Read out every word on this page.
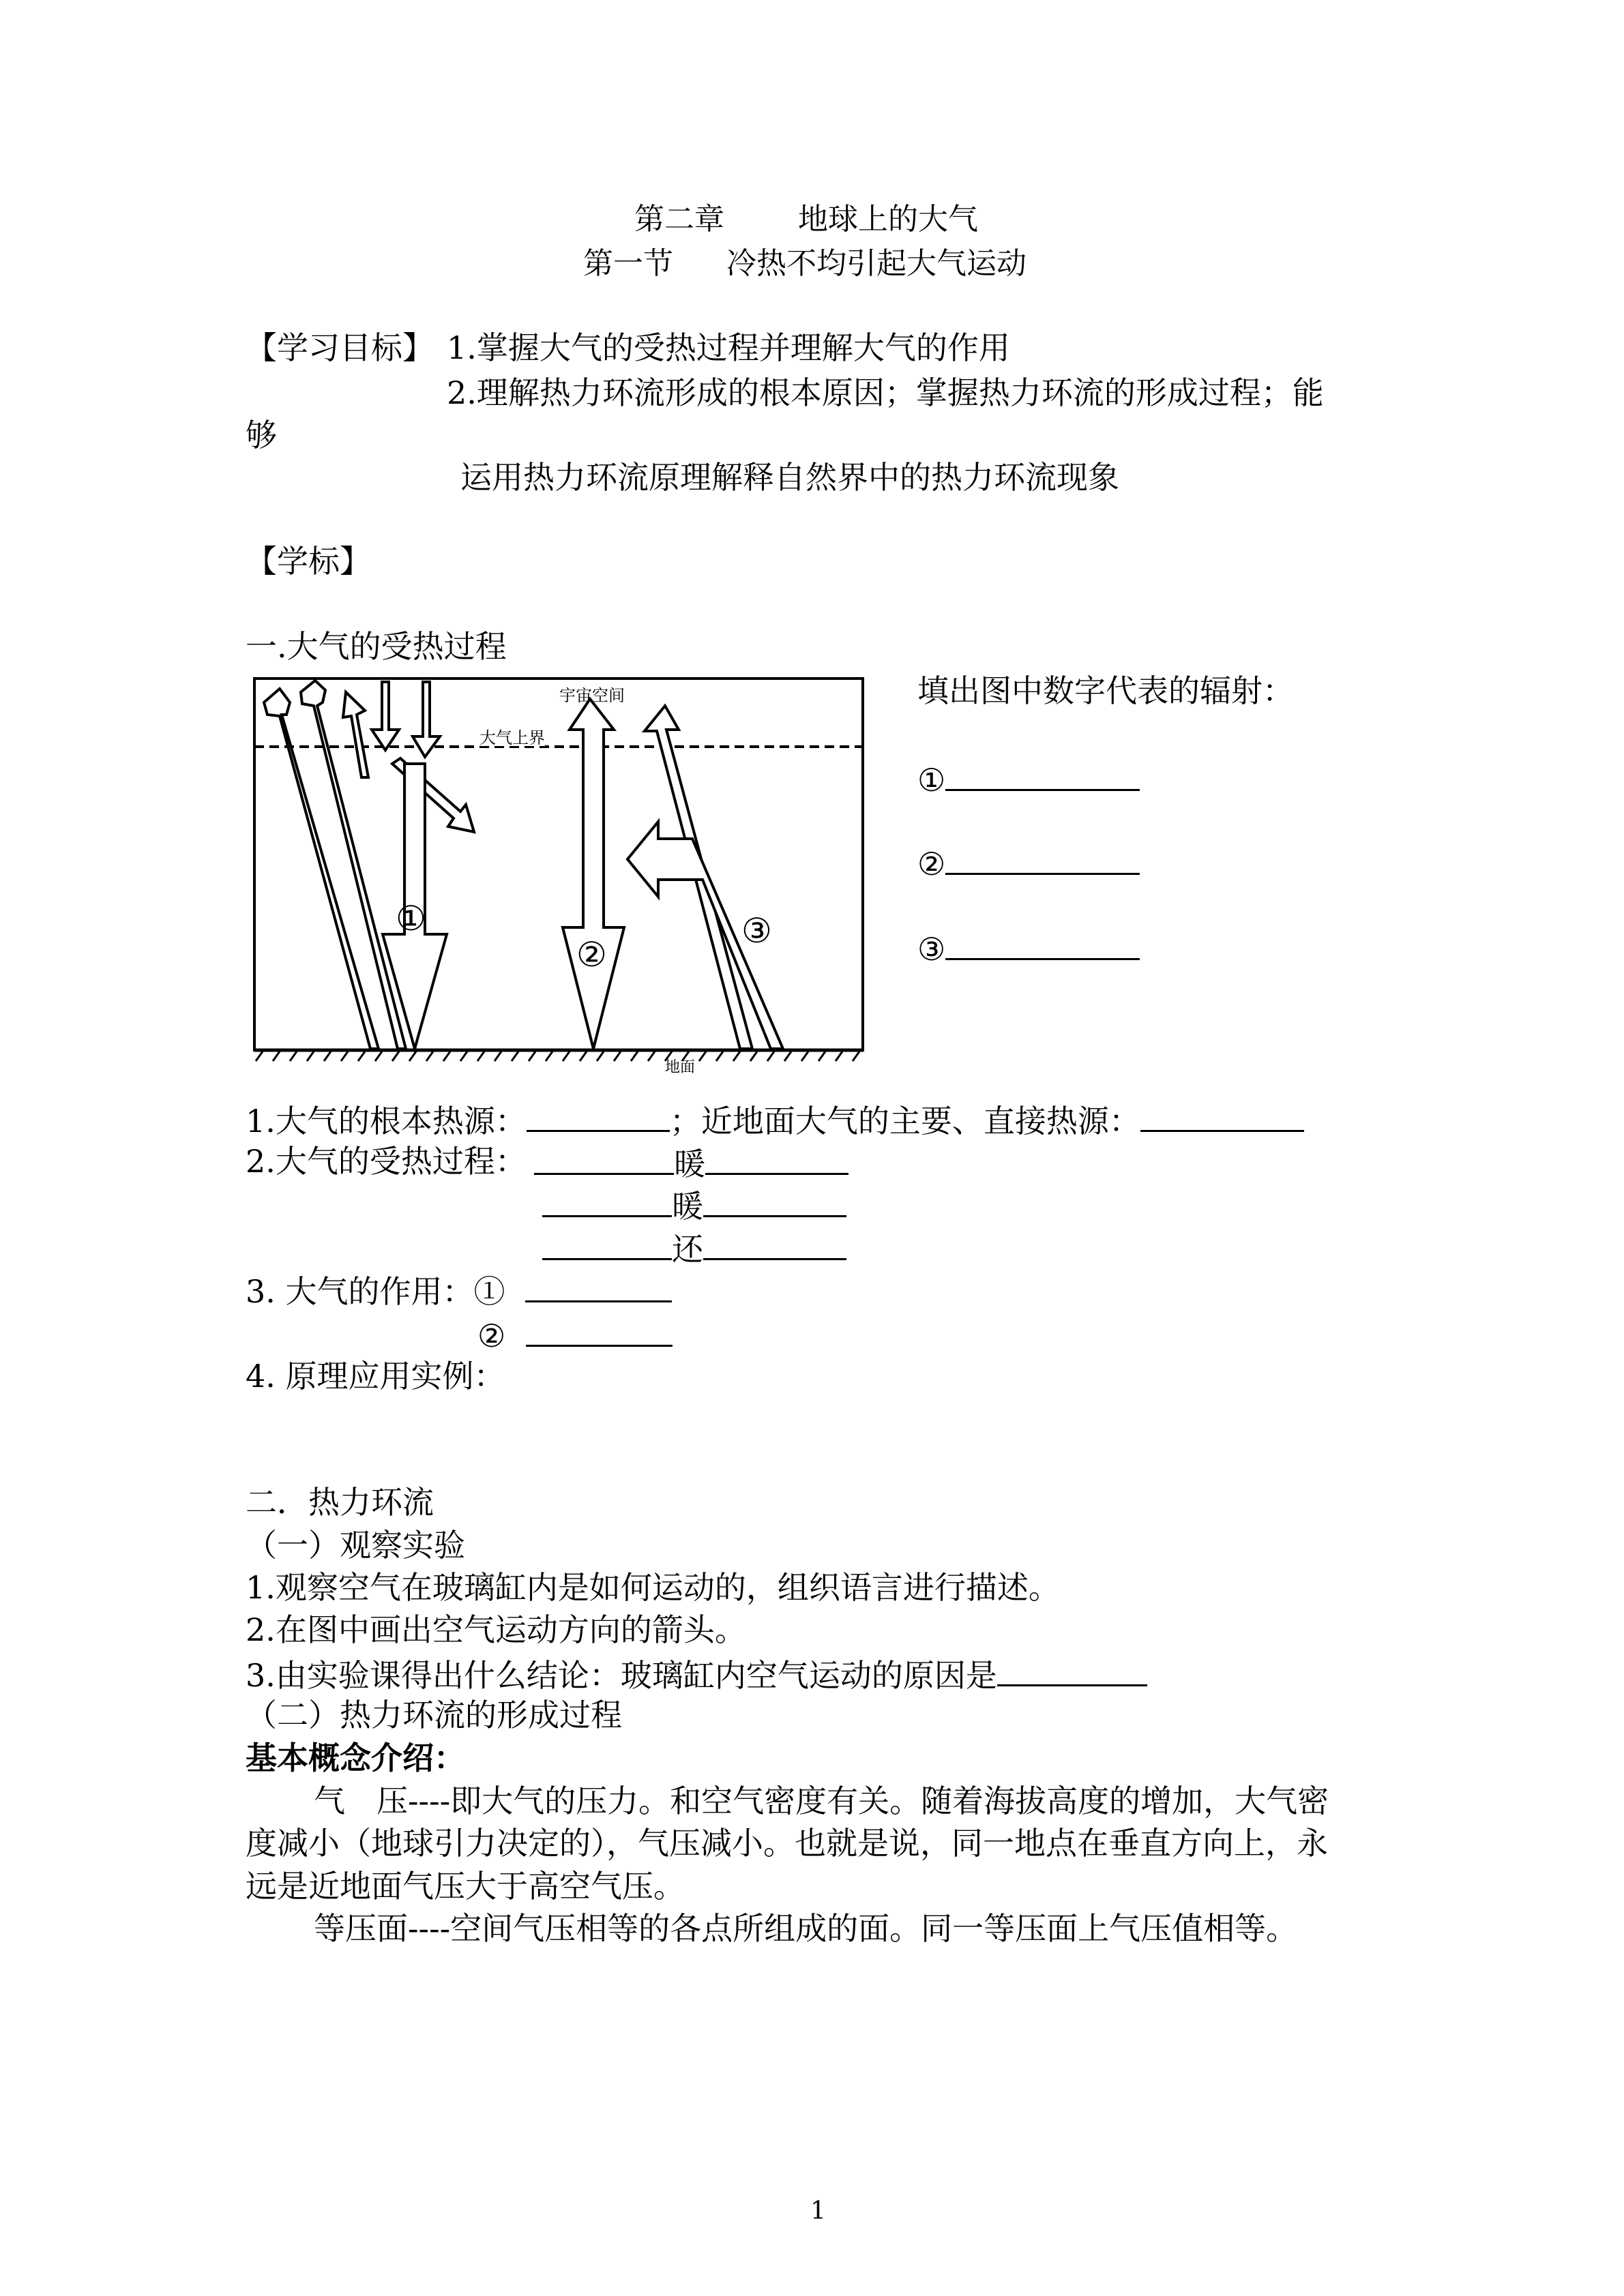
第二章 地球上的大气
第一节 冷热不均引起大气运动
【学习目标】 1.掌握大气的受热过程并理解大气的作用
2.理解热力环流形成的根本原因；掌握热力环流的形成过程；能
够
运用热力环流原理解释自然界中的热力环流现象
【学标】
一.大气的受热过程
宇宙空间
大气上界
地面
①
②
③
填出图中数字代表的辐射：
①
②
③
1.大气的根本热源：	；近地面大气的主要、直接热源：
2.大气的受热过程：	暖
暖
还
3. 大气的作用：①
②
4. 原理应用实例：
二．热力环流
（一）观察实验
1.观察空气在玻璃缸内是如何运动的，组织语言进行描述。
2.在图中画出空气运动方向的箭头。
3.由实验课得出什么结论：玻璃缸内空气运动的原因是
（二）热力环流的形成过程
基本概念介绍：
气　压----即大气的压力。和空气密度有关。随着海拔高度的增加，大气密
度减小（地球引力决定的），气压减小。也就是说，同一地点在垂直方向上，永
远是近地面气压大于高空气压。
等压面----空间气压相等的各点所组成的面。同一等压面上气压值相等。
1
